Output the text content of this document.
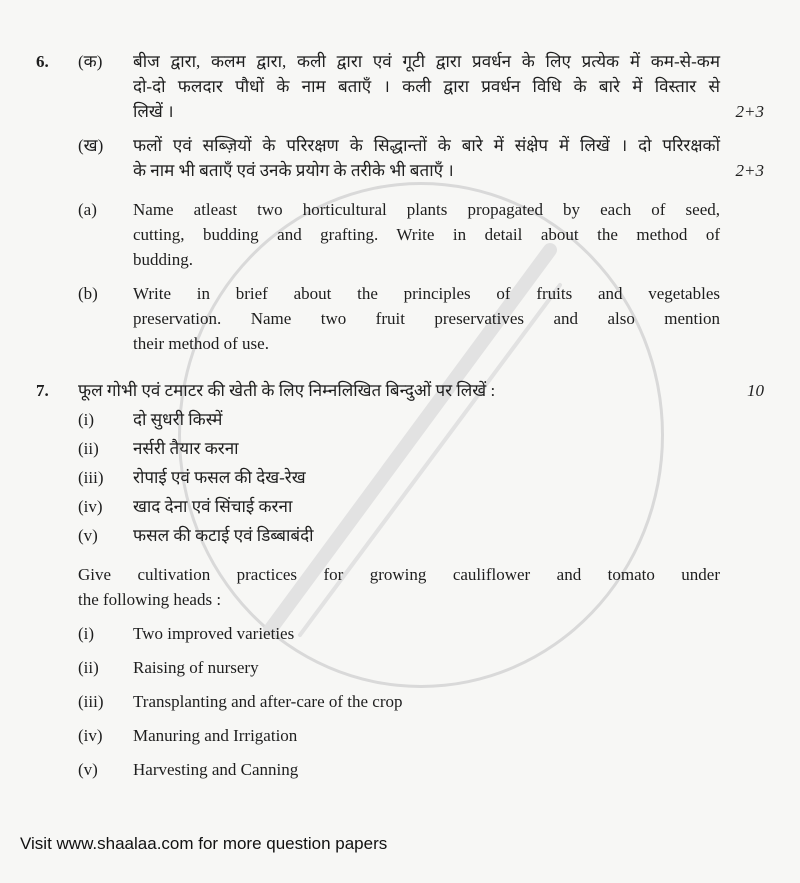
6.	(क)	बीज द्वारा, कलम द्वारा, कली द्वारा एवं गूटी द्वारा प्रवर्धन के लिए प्रत्येक में कम-से-कम
दो-दो फलदार पौधों के नाम बताएँ । कली द्वारा प्रवर्धन विधि के बारे में विस्तार से
लिखें ।	2+3
(ख)	फलों एवं सब्ज़ियों के परिरक्षण के सिद्धान्तों के बारे में संक्षेप में लिखें । दो परिरक्षकों
के नाम भी बताएँ एवं उनके प्रयोग के तरीके भी बताएँ ।	2+3
(a)	Name atleast two horticultural plants propagated by each of seed,
cutting, budding and grafting. Write in detail about the method of
budding.
(b)	Write in brief about the principles of fruits and vegetables
preservation. Name two fruit preservatives and also mention
their method of use.
7.	फूल गोभी एवं टमाटर की खेती के लिए निम्नलिखित बिन्दुओं पर लिखें :	10
(i)	दो सुधरी किस्में
(ii)	नर्सरी तैयार करना
(iii)	रोपाई एवं फसल की देख-रेख
(iv)	खाद देना एवं सिंचाई करना
(v)	फसल की कटाई एवं डिब्बाबंदी
Give cultivation practices for growing cauliflower and tomato under
the following heads :
(i)	Two improved varieties
(ii)	Raising of nursery
(iii)	Transplanting and after-care of the crop
(iv)	Manuring and Irrigation
(v)	Harvesting and Canning
Visit www.shaalaa.com for more question papers
